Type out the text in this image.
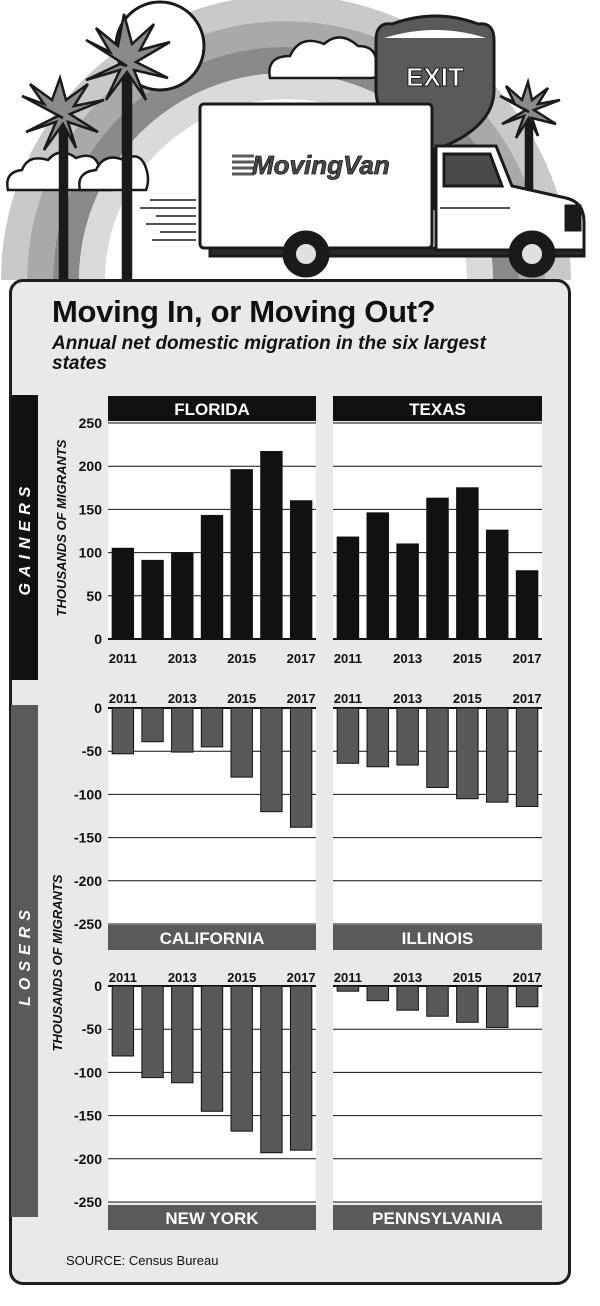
EXIT
MovingVan
Moving In, or Moving Out?

Annual net domestic migration in the six largest states

GAINERS
LOSERS
THOUSANDS OF MIGRANTS
THOUSANDS OF MIGRANTS
0
50
100
150
200
250
2011 2013 2015 2017
FLORIDA
2011 2013 2015 2017
TEXAS
0
-50
-100
-150
-200
-250
2011 2013 2015 2017
CALIFORNIA
2011 2013 2015 2017
ILLINOIS
0
-50
-100
-150
-200
-250
2011 2013 2015 2017
NEW YORK
2011 2013 2015 2017
PENNSYLVANIA
SOURCE: Census Bureau
